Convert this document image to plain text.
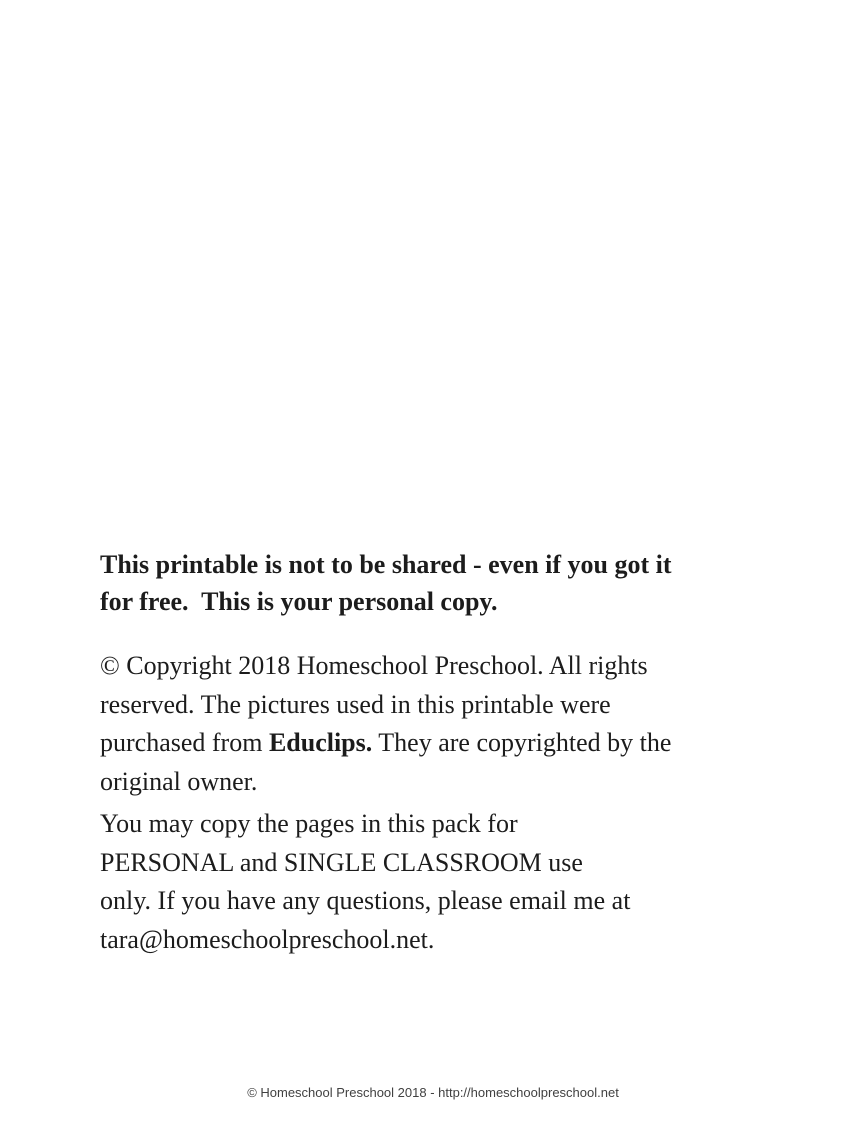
This printable is not to be shared - even if you got it
for free.  This is your personal copy.
© Copyright 2018 Homeschool Preschool. All rights
reserved. The pictures used in this printable were
purchased from Educlips. They are copyrighted by the
original owner.
You may copy the pages in this pack for
PERSONAL and SINGLE CLASSROOM use
only. If you have any questions, please email me at
tara@homeschoolpreschool.net.
© Homeschool Preschool 2018 - http://homeschoolpreschool.net
